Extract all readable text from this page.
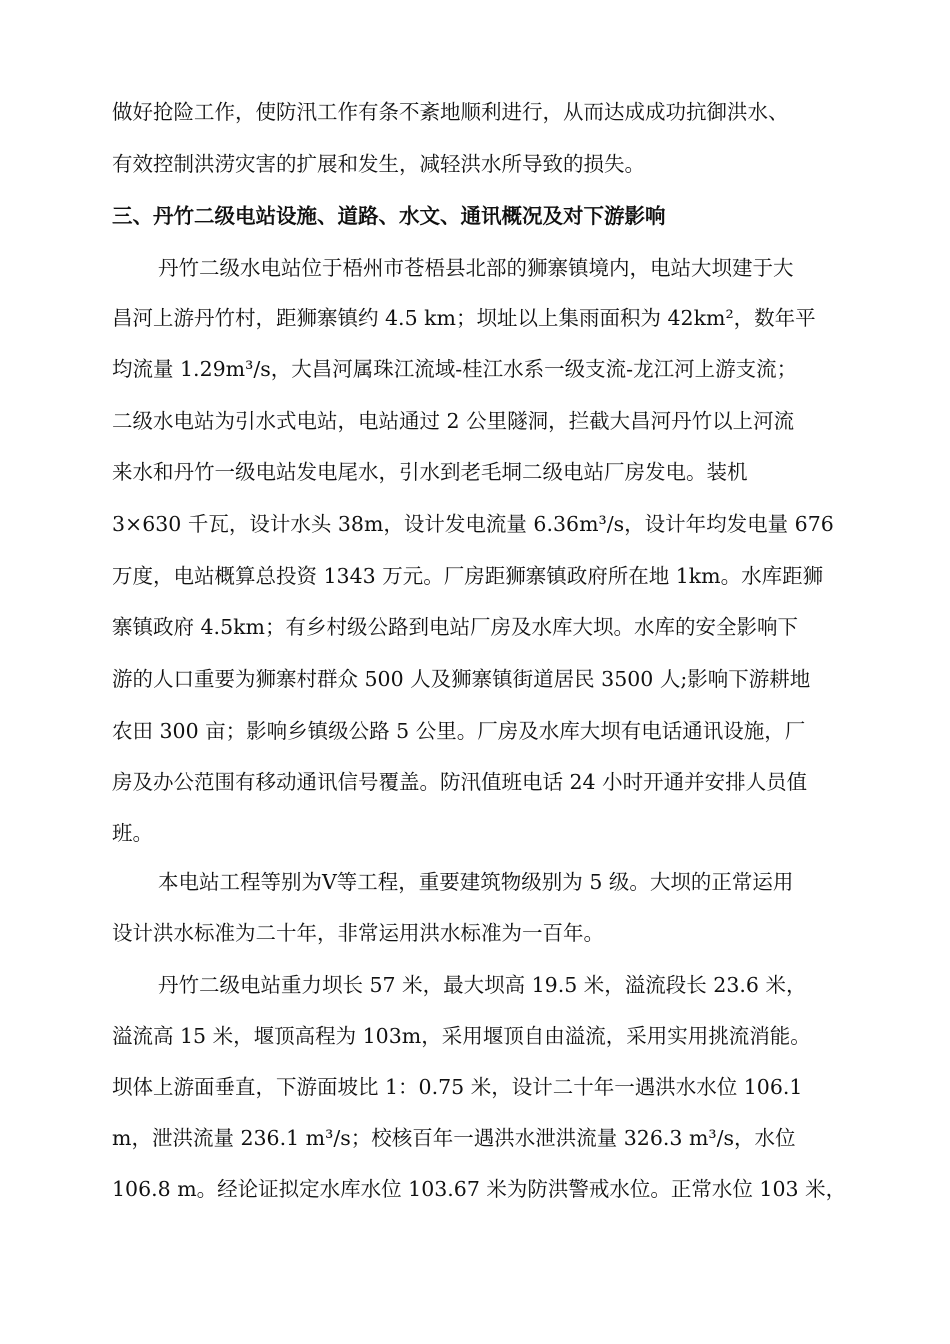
做好抢险工作，使防汛工作有条不紊地顺利进行，从而达成成功抗御洪水、
有效控制洪涝灾害的扩展和发生，减轻洪水所导致的损失。
三、丹竹二级电站设施、道路、水文、通讯概况及对下游影响
丹竹二级水电站位于梧州市苍梧县北部的狮寨镇境内，电站大坝建于大
昌河上游丹竹村，距狮寨镇约 4.5 km；坝址以上集雨面积为 42km²，数年平
均流量 1.29m³/s，大昌河属珠江流域-桂江水系一级支流-龙江河上游支流；
二级水电站为引水式电站，电站通过 2 公里隧洞，拦截大昌河丹竹以上河流
来水和丹竹一级电站发电尾水，引水到老毛垌二级电站厂房发电。装机
3×630 千瓦，设计水头 38m，设计发电流量 6.36m³/s，设计年均发电量 676
万度，电站概算总投资 1343 万元。厂房距狮寨镇政府所在地 1km。水库距狮
寨镇政府 4.5km；有乡村级公路到电站厂房及水库大坝。水库的安全影响下
游的人口重要为狮寨村群众 500 人及狮寨镇街道居民 3500 人;影响下游耕地
农田 300 亩；影响乡镇级公路 5 公里。厂房及水库大坝有电话通讯设施，厂
房及办公范围有移动通讯信号覆盖。防汛值班电话 24 小时开通并安排人员值
班。
本电站工程等别为Ⅴ等工程，重要建筑物级别为 5 级。大坝的正常运用
设计洪水标准为二十年，非常运用洪水标准为一百年。
丹竹二级电站重力坝长 57 米，最大坝高 19.5 米，溢流段长 23.6 米，
溢流高 15 米，堰顶高程为 103m，采用堰顶自由溢流，采用实用挑流消能。
坝体上游面垂直，下游面坡比 1：0.75 米，设计二十年一遇洪水水位 106.1
m，泄洪流量 236.1 m³/s；校核百年一遇洪水泄洪流量 326.3 m³/s，水位
106.8 m。经论证拟定水库水位 103.67 米为防洪警戒水位。正常水位 103 米，
